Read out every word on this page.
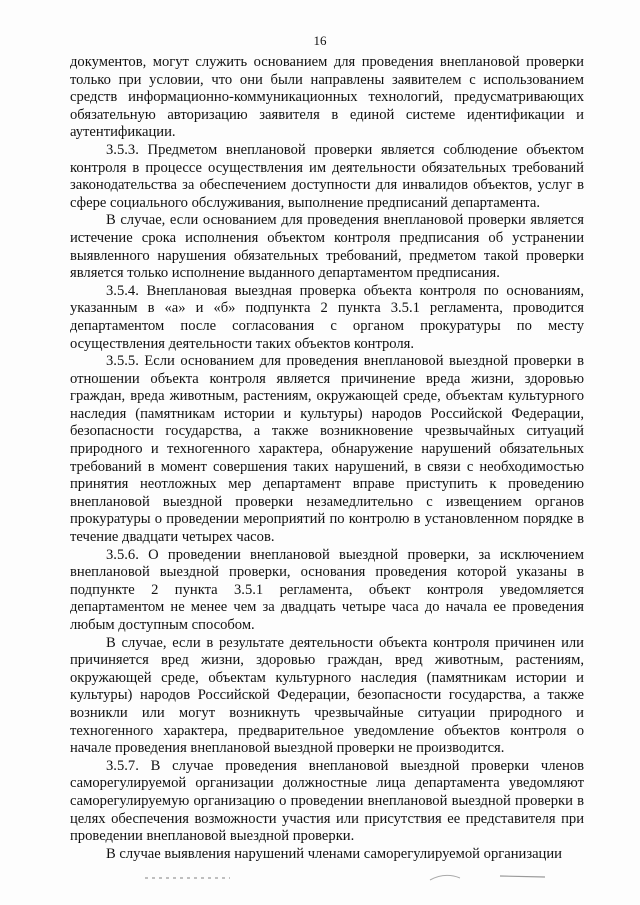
16

документов, могут служить основанием для проведения внеплановой проверки только при условии, что они были направлены заявителем с использованием средств информационно-коммуникационных технологий, предусматривающих обязательную авторизацию заявителя в единой системе идентификации и аутентификации.

3.5.3. Предметом внеплановой проверки является соблюдение объектом контроля в процессе осуществления им деятельности обязательных требований законодательства за обеспечением доступности для инвалидов объектов, услуг в сфере социального обслуживания, выполнение предписаний департамента.

В случае, если основанием для проведения внеплановой проверки является истечение срока исполнения объектом контроля предписания об устранении выявленного нарушения обязательных требований, предметом такой проверки является только исполнение выданного департаментом предписания.

3.5.4. Внеплановая выездная проверка объекта контроля по основаниям, указанным в «а» и «б» подпункта 2 пункта 3.5.1 регламента, проводится департаментом после согласования с органом прокуратуры по месту осуществления деятельности таких объектов контроля.

3.5.5. Если основанием для проведения внеплановой выездной проверки в отношении объекта контроля является причинение вреда жизни, здоровью граждан, вреда животным, растениям, окружающей среде, объектам культурного наследия (памятникам истории и культуры) народов Российской Федерации, безопасности государства, а также возникновение чрезвычайных ситуаций природного и техногенного характера, обнаружение нарушений обязательных требований в момент совершения таких нарушений, в связи с необходимостью принятия неотложных мер департамент вправе приступить к проведению внеплановой выездной проверки незамедлительно с извещением органов прокуратуры о проведении мероприятий по контролю в установленном порядке в течение двадцати четырех часов.

3.5.6. О проведении внеплановой выездной проверки, за исключением внеплановой выездной проверки, основания проведения которой указаны в подпункте 2 пункта 3.5.1 регламента, объект контроля уведомляется департаментом не менее чем за двадцать четыре часа до начала ее проведения любым доступным способом.

В случае, если в результате деятельности объекта контроля причинен или причиняется вред жизни, здоровью граждан, вред животным, растениям, окружающей среде, объектам культурного наследия (памятникам истории и культуры) народов Российской Федерации, безопасности государства, а также возникли или могут возникнуть чрезвычайные ситуации природного и техногенного характера, предварительное уведомление объектов контроля о начале проведения внеплановой выездной проверки не производится.

3.5.7. В случае проведения внеплановой выездной проверки членов саморегулируемой организации должностные лица департамента уведомляют саморегулируемую организацию о проведении внеплановой выездной проверки в целях обеспечения возможности участия или присутствия ее представителя при проведении внеплановой выездной проверки.

В случае выявления нарушений членами саморегулируемой организации
